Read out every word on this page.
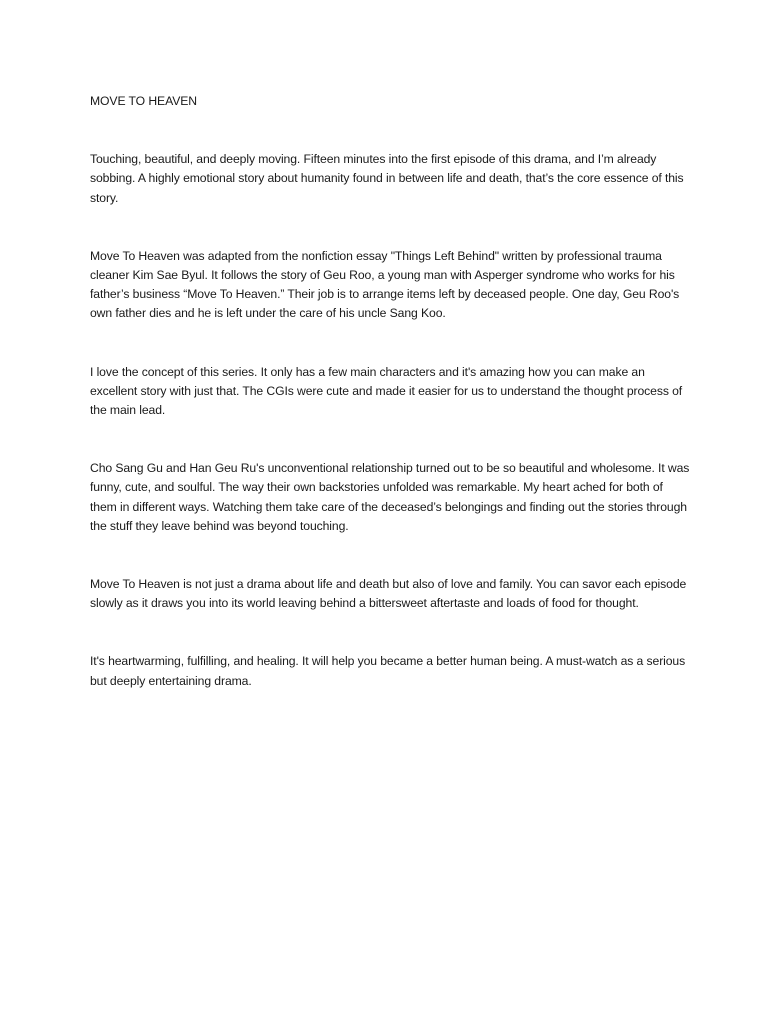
MOVE TO HEAVEN

Touching, beautiful, and deeply moving. Fifteen minutes into the first episode of this drama, and I’m already sobbing. A highly emotional story about humanity found in between life and death, that’s the core essence of this story.

Move To Heaven was adapted from the nonfiction essay "Things Left Behind" written by professional trauma cleaner Kim Sae Byul. It follows the story of Geu Roo, a young man with Asperger syndrome who works for his father’s business “Move To Heaven.” Their job is to arrange items left by deceased people. One day, Geu Roo's own father dies and he is left under the care of his uncle Sang Koo.

I love the concept of this series. It only has a few main characters and it's amazing how you can make an excellent story with just that. The CGIs were cute and made it easier for us to understand the thought process of the main lead.

Cho Sang Gu and Han Geu Ru's unconventional relationship turned out to be so beautiful and wholesome. It was funny, cute, and soulful. The way their own backstories unfolded was remarkable. My heart ached for both of them in different ways. Watching them take care of the deceased’s belongings and finding out the stories through the stuff they leave behind was beyond touching.

Move To Heaven is not just a drama about life and death but also of love and family. You can savor each episode slowly as it draws you into its world leaving behind a bittersweet aftertaste and loads of food for thought.

It's heartwarming, fulfilling, and healing. It will help you became a better human being. A must-watch as a serious but deeply entertaining drama.
